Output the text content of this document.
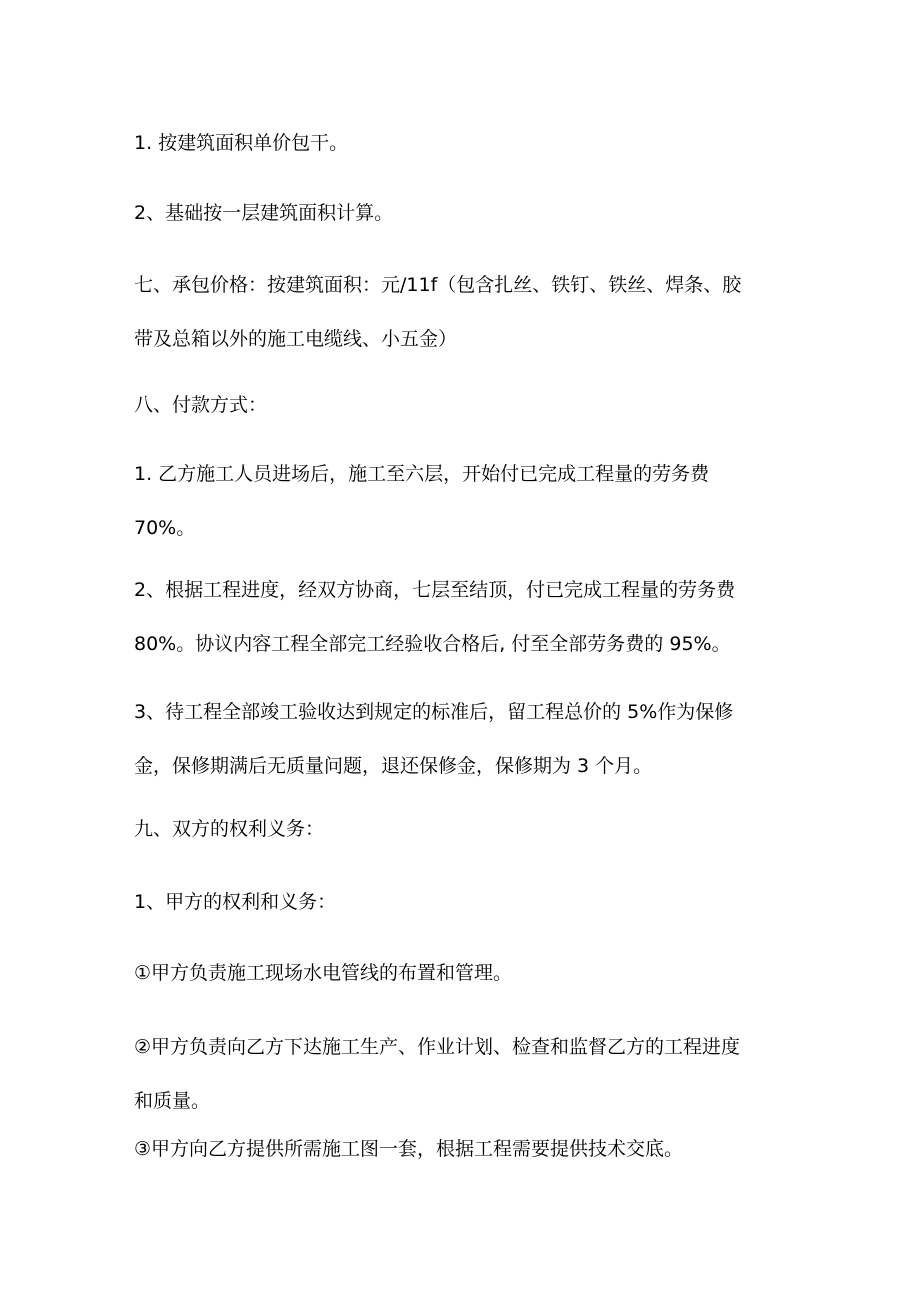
1. 按建筑面积单价包干。

2、基础按一层建筑面积计算。

七、承包价格：按建筑面积：元/11f（包含扎丝、铁钉、铁丝、焊条、胶
带及总箱以外的施工电缆线、小五金）

八、付款方式：

1. 乙方施工人员进场后，施工至六层，开始付已完成工程量的劳务费
70%。

2、根据工程进度，经双方协商，七层至结顶，付已完成工程量的劳务费
80%。协议内容工程全部完工经验收合格后, 付至全部劳务费的 95%。

3、待工程全部竣工验收达到规定的标准后，留工程总价的 5%作为保修
金，保修期满后无质量问题，退还保修金，保修期为 3 个月。

九、双方的权利义务：

1、甲方的权利和义务：

①甲方负责施工现场水电管线的布置和管理。

②甲方负责向乙方下达施工生产、作业计划、检查和监督乙方的工程进度
和质量。

③甲方向乙方提供所需施工图一套，根据工程需要提供技术交底。
